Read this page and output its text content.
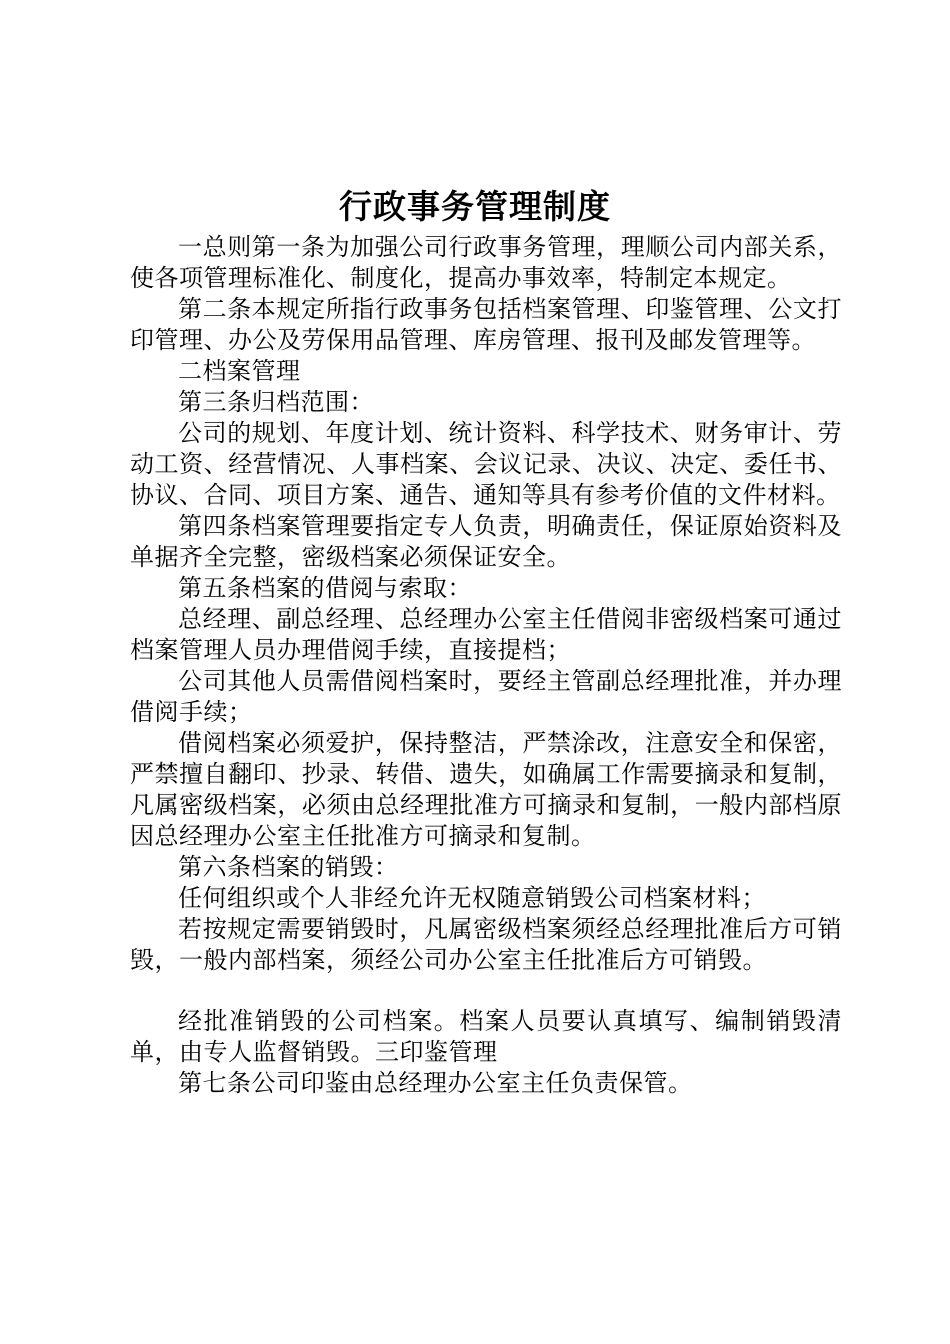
行政事务管理制度

一总则第一条为加强公司行政事务管理，理顺公司内部关系，使各项管理标准化、制度化，提高办事效率，特制定本规定。

第二条本规定所指行政事务包括档案管理、印鉴管理、公文打印管理、办公及劳保用品管理、库房管理、报刊及邮发管理等。

二档案管理

第三条归档范围：

公司的规划、年度计划、统计资料、科学技术、财务审计、劳动工资、经营情况、人事档案、会议记录、决议、决定、委任书、协议、合同、项目方案、通告、通知等具有参考价值的文件材料。

第四条档案管理要指定专人负责，明确责任，保证原始资料及单据齐全完整，密级档案必须保证安全。

第五条档案的借阅与索取：

总经理、副总经理、总经理办公室主任借阅非密级档案可通过档案管理人员办理借阅手续，直接提档；

公司其他人员需借阅档案时，要经主管副总经理批准，并办理借阅手续；

借阅档案必须爱护，保持整洁，严禁涂改，注意安全和保密，严禁擅自翻印、抄录、转借、遗失，如确属工作需要摘录和复制，凡属密级档案，必须由总经理批准方可摘录和复制，一般内部档原因总经理办公室主任批准方可摘录和复制。

第六条档案的销毁：

任何组织或个人非经允许无权随意销毁公司档案材料；

若按规定需要销毁时，凡属密级档案须经总经理批准后方可销毁，一般内部档案，须经公司办公室主任批准后方可销毁。

经批准销毁的公司档案。档案人员要认真填写、编制销毁清单，由专人监督销毁。三印鉴管理

第七条公司印鉴由总经理办公室主任负责保管。
